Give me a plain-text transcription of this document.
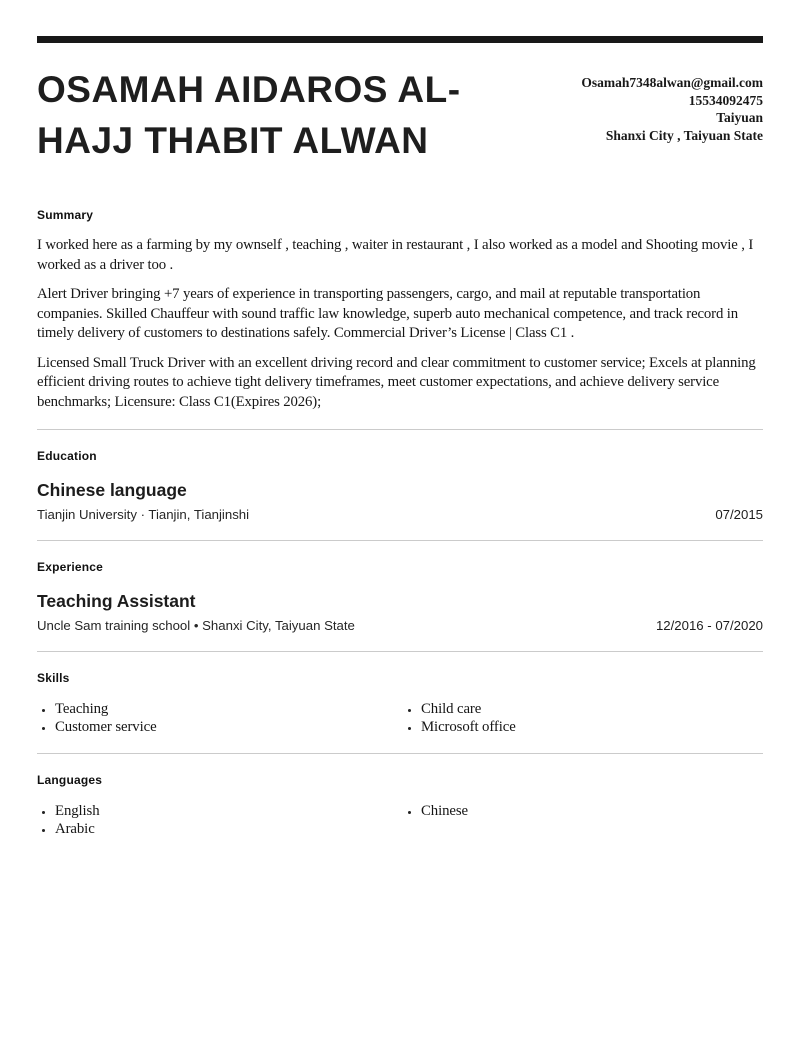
OSAMAH AIDAROS AL-HAJJ THABIT ALWAN
Osamah7348alwan@gmail.com
15534092475
Taiyuan
Shanxi City , Taiyuan State
Summary

I worked here as a farming by my ownself , teaching , waiter in restaurant , I also worked as a model and Shooting movie , I worked as a driver too .

Alert Driver bringing +7 years of experience in transporting passengers, cargo, and mail at reputable transportation companies. Skilled Chauffeur with sound traffic law knowledge, superb auto mechanical competence, and track record in timely delivery of customers to destinations safely. Commercial Driver’s License | Class C1 .

Licensed Small Truck Driver with an excellent driving record and clear commitment to customer service; Excels at planning efficient driving routes to achieve tight delivery timeframes, meet customer expectations, and achieve delivery service benchmarks; Licensure: Class C1(Expires 2026);

Education
Chinese language
Tianjin University · Tianjin, Tianjinshi	07/2015
Experience
Teaching Assistant
Uncle Sam training school • Shanxi City, Taiyuan State	12/2016 - 07/2020
Skills
Teaching
Customer service
Child care
Microsoft office
Languages
English
Arabic
Chinese
